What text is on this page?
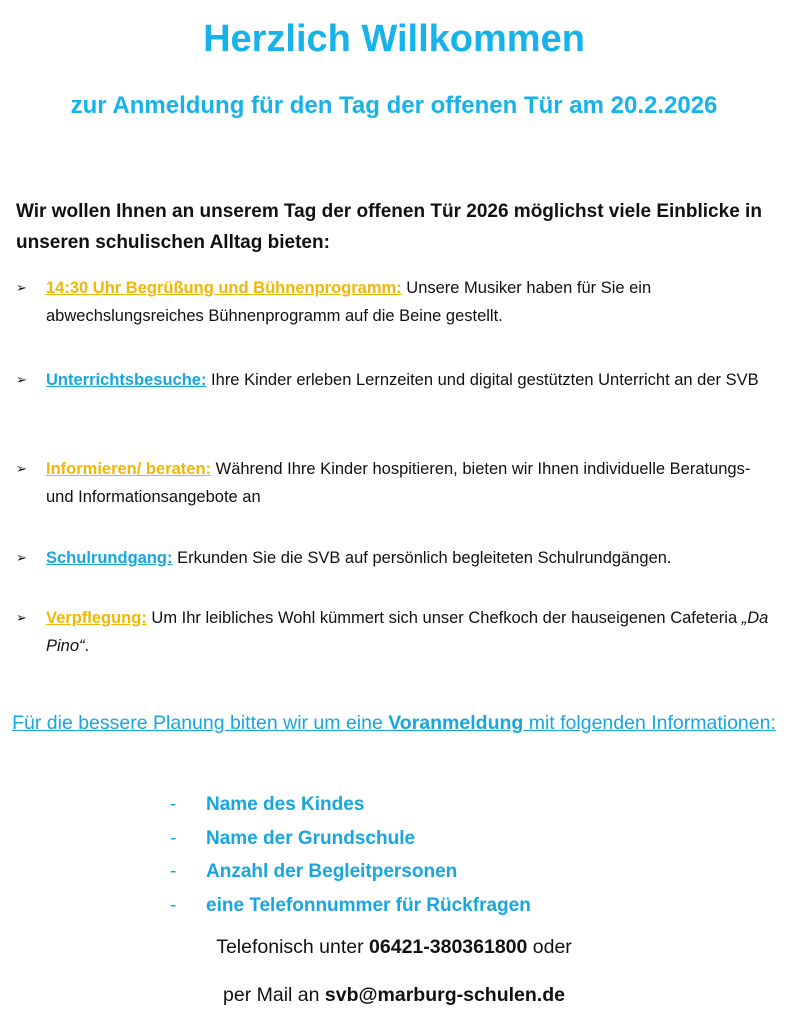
Herzlich Willkommen
zur Anmeldung für den Tag der offenen Tür am 20.2.2026
Wir wollen Ihnen an unserem Tag der offenen Tür 2026 möglichst viele Einblicke in unseren schulischen Alltag bieten:
➢ 14:30 Uhr Begrüßung und Bühnenprogramm: Unsere Musiker haben für Sie ein abwechslungsreiches Bühnenprogramm auf die Beine gestellt.
➢ Unterrichtsbesuche: Ihre Kinder erleben Lernzeiten und digital gestützten Unterricht an der SVB
➢ Informieren/ beraten: Während Ihre Kinder hospitieren, bieten wir Ihnen individuelle Beratungs- und Informationsangebote an
➢ Schulrundgang: Erkunden Sie die SVB auf persönlich begleiteten Schulrundgängen.
➢ Verpflegung: Um Ihr leibliches Wohl kümmert sich unser Chefkoch der hauseigenen Cafeteria „Da Pino“.
Für die bessere Planung bitten wir um eine Voranmeldung mit folgenden Informationen:
- Name des Kindes
- Name der Grundschule
- Anzahl der Begleitpersonen
- eine Telefonnummer für Rückfragen
Telefonisch unter 06421-380361800 oder
per Mail an svb@marburg-schulen.de
